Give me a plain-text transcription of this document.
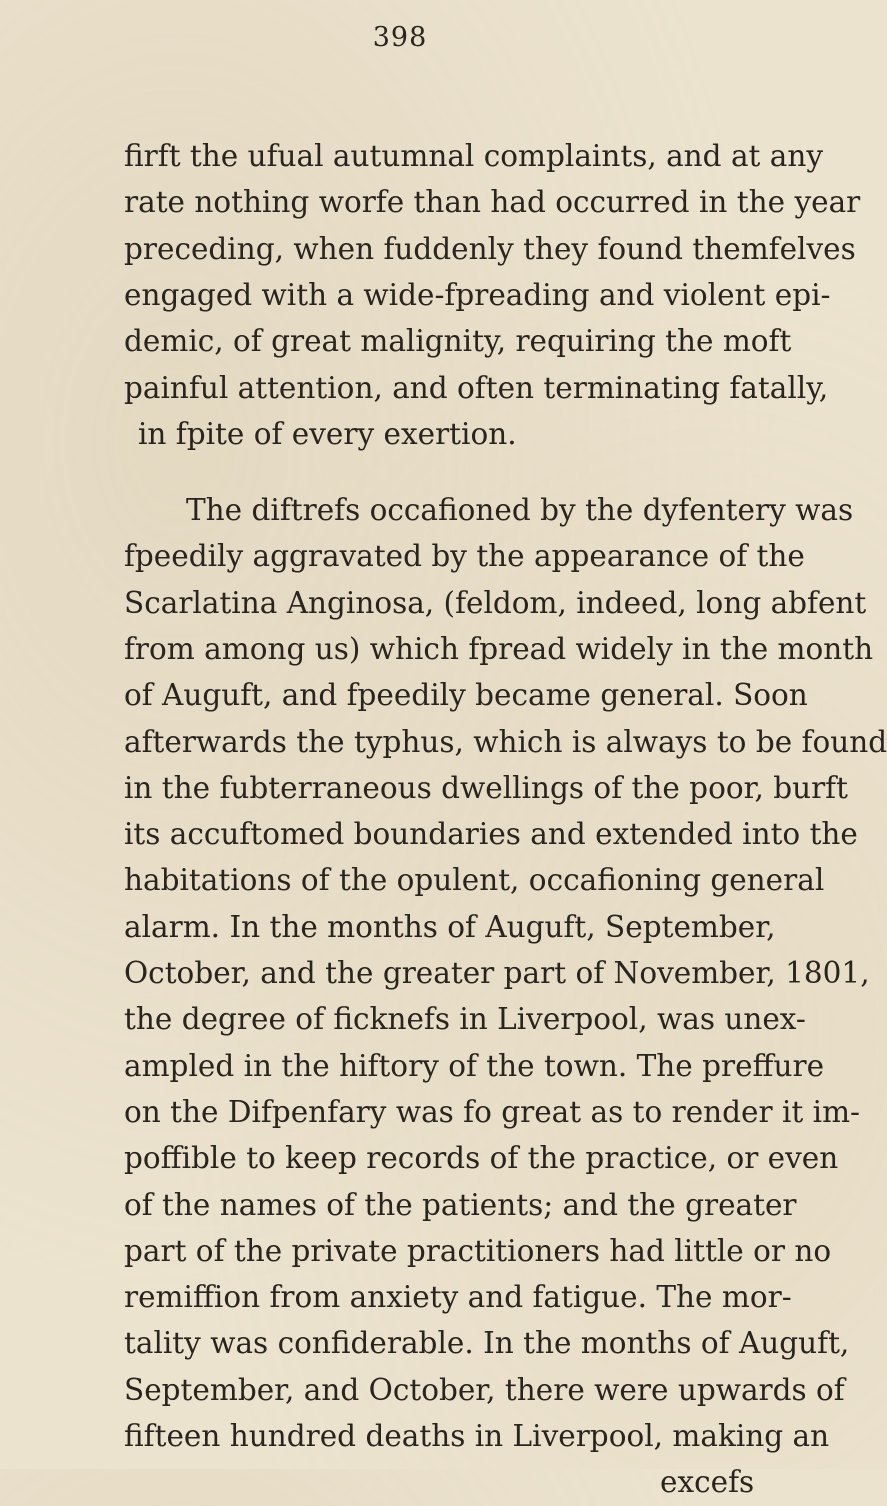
398
firft the ufual autumnal complaints, and at any
rate nothing worfe than had occurred in the year
preceding, when fuddenly they found themfelves
engaged with a wide-fpreading and violent epi-
demic, of great malignity, requiring the moft
painful attention, and often terminating fatally,
in fpite of every exertion.
The diftrefs occafioned by the dyfentery was
fpeedily aggravated by the appearance of the
Scarlatina Anginosa, (feldom, indeed, long abfent
from among us) which fpread widely in the month
of Auguft, and fpeedily became general. Soon
afterwards the typhus, which is always to be found
in the fubterraneous dwellings of the poor, burft
its accuftomed boundaries and extended into the
habitations of the opulent, occafioning general
alarm. In the months of Auguft, September,
October, and the greater part of November, 1801,
the degree of ficknefs in Liverpool, was unex-
ampled in the hiftory of the town. The preffure
on the Difpenfary was fo great as to render it im-
poffible to keep records of the practice, or even
of the names of the patients; and the greater
part of the private practitioners had little or no
remiffion from anxiety and fatigue. The mor-
tality was confiderable. In the months of Auguft,
September, and October, there were upwards of
fifteen hundred deaths in Liverpool, making an
excefs
